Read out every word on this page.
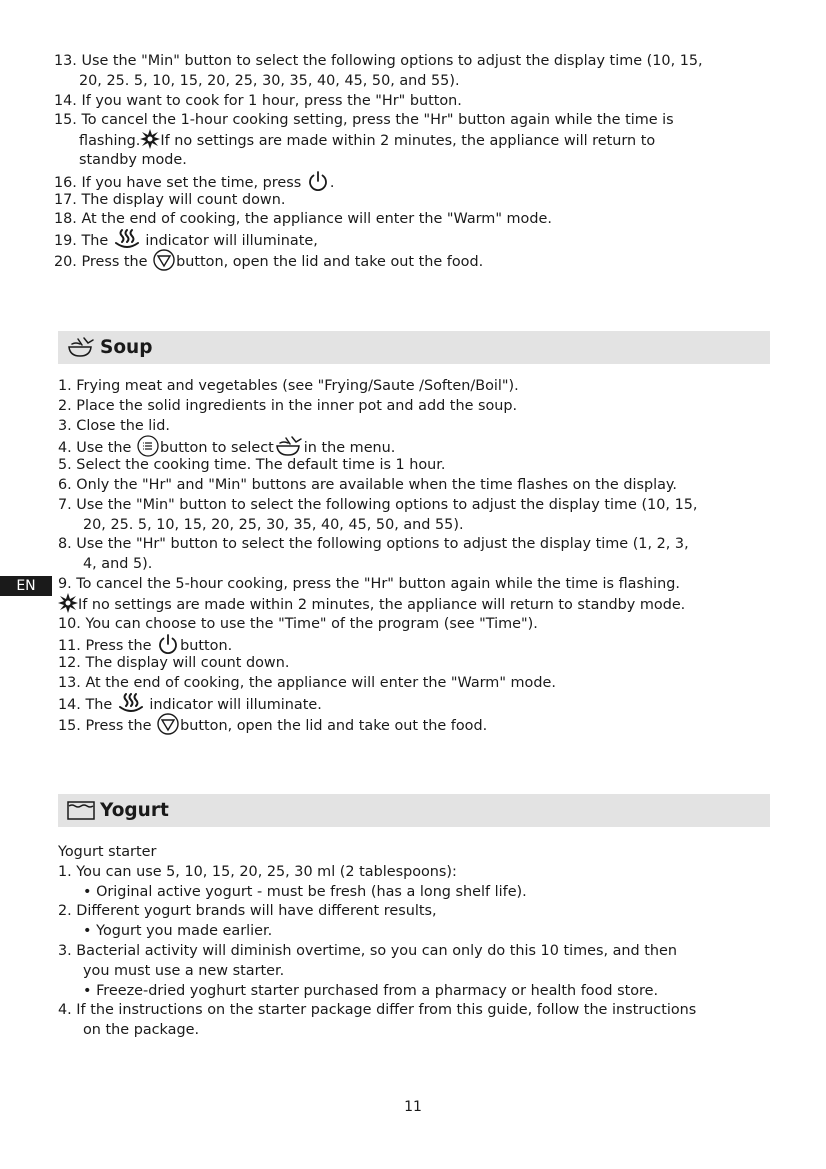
13. Use the "Min" button to select the following options to adjust the display time (10, 15,
20, 25. 5, 10, 15, 20, 25, 30, 35, 40, 45, 50, and 55).
14. If you want to cook for 1 hour, press the "Hr" button.
15. To cancel the 1-hour cooking setting, press the "Hr" button again while the time is
flashing. If no settings are made within 2 minutes, the appliance will return to
standby mode.
16. If you have set the time, press
.
17. The display will count down.
18. At the end of cooking, the appliance will enter the "Warm" mode.
19. The
indicator will illuminate,
20. Press the
button, open the lid and take out the food.
Soup
1. Frying meat and vegetables (see "Frying/Saute /Soften/Boil").
2. Place the solid ingredients in the inner pot and add the soup.
3. Close the lid.
4. Use the
button to select in the menu.
5. Select the cooking time. The default time is 1 hour.
6. Only the "Hr" and "Min" buttons are available when the time flashes on the display.
7. Use the "Min" button to select the following options to adjust the display time (10, 15,
20, 25. 5, 10, 15, 20, 25, 30, 35, 40, 45, 50, and 55).
8. Use the "Hr" button to select the following options to adjust the display time (1, 2, 3,
4, and 5).
9. To cancel the 5-hour cooking, press the "Hr" button again while the time is flashing.
If no settings are made within 2 minutes, the appliance will return to standby mode.
10. You can choose to use the "Time" of the program (see "Time").
11. Press the
button.
12. The display will count down.
13. At the end of cooking, the appliance will enter the "Warm" mode.
14. The
indicator will illuminate.
15. Press the
button, open the lid and take out the food.
EN
Yogurt
Yogurt starter
1. You can use 5, 10, 15, 20, 25, 30 ml (2 tablespoons):
• Original active yogurt - must be fresh (has a long shelf life).
2. Different yogurt brands will have different results,
• Yogurt you made earlier.
3. Bacterial activity will diminish overtime, so you can only do this 10 times, and then
you must use a new starter.
• Freeze-dried yoghurt starter purchased from a pharmacy or health food store.
4. If the instructions on the starter package differ from this guide, follow the instructions
on the package.
11
